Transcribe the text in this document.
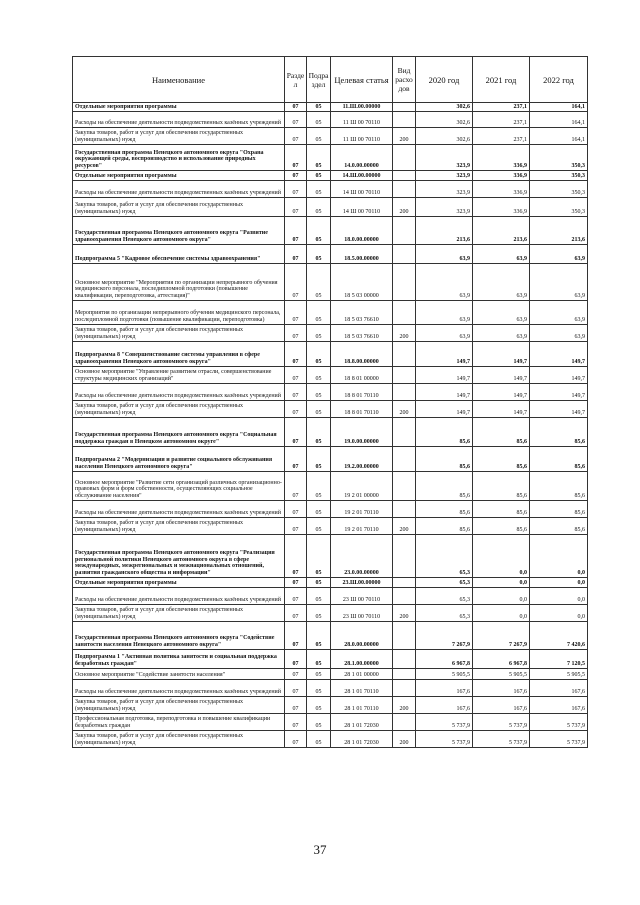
Наименование	Разде л	Подра здел	Целевая статья	Вид расхо дов	2020 год	2021 год	2022 год
Отдельные мероприятия программы	07	05	11.Ш.00.00000		302,6	237,1	164,1
Расходы на обеспечение деятельности подведомственных казённых учреждений	07	05	11 Ш 00 70110		302,6	237,1	164,1
Закупка товаров, работ и услуг для обеспечения государственных (муниципальных) нужд	07	05	11 Ш 00 70110	200	302,6	237,1	164,1
Государственная программа Ненецкого автономного округа "Охрана окружающей среды, воспроизводство и использование природных ресурсов"	07	05	14.0.00.00000		323,9	336,9	350,3
Отдельные мероприятия программы	07	05	14.Ш.00.00000		323,9	336,9	350,3
Расходы на обеспечение деятельности подведомственных казённых учреждений	07	05	14 Ш 00 70110		323,9	336,9	350,3
Закупка товаров, работ и услуг для обеспечения государственных (муниципальных) нужд	07	05	14 Ш 00 70110	200	323,9	336,9	350,3
Государственная программа Ненецкого автономного округа "Развитие здравоохранения Ненецкого автономного округа"	07	05	18.0.00.00000		213,6	213,6	213,6
Подпрограмма 5 "Кадровое обеспечение системы здравоохранения"	07	05	18.5.00.00000		63,9	63,9	63,9
Основное мероприятие "Мероприятия по организации непрерывного обучения медицинского персонала, последипломной подготовки (повышение квалификации, переподготовка, аттестация)"	07	05	18 5 03 00000		63,9	63,9	63,9
Мероприятия по организации непрерывного обучения медицинского персонала, последипломной подготовки (повышение квалификации, переподготовка)	07	05	18 5 03 76610		63,9	63,9	63,9
Закупка товаров, работ и услуг для обеспечения государственных (муниципальных) нужд	07	05	18 5 03 76610	200	63,9	63,9	63,9
Подпрограмма 8 "Совершенствование системы управления в сфере здравоохранения Ненецкого автономного округа"	07	05	18.8.00.00000		149,7	149,7	149,7
Основное мероприятие "Управление развитием отрасли, совершенствование структуры медицинских организаций"	07	05	18 8 01 00000		149,7	149,7	149,7
Расходы на обеспечение деятельности подведомственных казённых учреждений	07	05	18 8 01 70110		149,7	149,7	149,7
Закупка товаров, работ и услуг для обеспечения государственных (муниципальных) нужд	07	05	18 8 01 70110	200	149,7	149,7	149,7
Государственная программа Ненецкого автономного округа "Социальная поддержка граждан в Ненецком автономном округе"	07	05	19.0.00.00000		85,6	85,6	85,6
Подпрограмма 2 "Модернизация и развитие социального обслуживания населения Ненецкого автономного округа"	07	05	19.2.00.00000		85,6	85,6	85,6
Основное мероприятие "Развитие сети организаций различных организационно-правовых форм и форм собственности, осуществляющих социальное обслуживание населения"	07	05	19 2 01 00000		85,6	85,6	85,6
Расходы на обеспечение деятельности подведомственных казённых учреждений	07	05	19 2 01 70110		85,6	85,6	85,6
Закупка товаров, работ и услуг для обеспечения государственных (муниципальных) нужд	07	05	19 2 01 70110	200	85,6	85,6	85,6
Государственная программа Ненецкого автономного округа "Реализация региональной политики Ненецкого автономного округа в сфере международных, межрегиональных и межнациональных отношений, развития гражданского общества и информации"	07	05	23.0.00.00000		65,3	0,0	0,0
Отдельные мероприятия программы	07	05	23.Ш.00.00000		65,3	0,0	0,0
Расходы на обеспечение деятельности подведомственных казённых учреждений	07	05	23 Ш 00 70110		65,3	0,0	0,0
Закупка товаров, работ и услуг для обеспечения государственных (муниципальных) нужд	07	05	23 Ш 00 70110	200	65,3	0,0	0,0
Государственная программа Ненецкого автономного округа "Содействие занятости населения Ненецкого автономного округа"	07	05	28.0.00.00000		7 267,9	7 267,9	7 420,6
Подпрограмма 1 "Активная политика занятости и социальная поддержка безработных граждан"	07	05	28.1.00.00000		6 967,8	6 967,8	7 120,5
Основное мероприятие "Содействие занятости населения"	07	05	28 1 01 00000		5 905,5	5 905,5	5 905,5
Расходы на обеспечение деятельности подведомственных казённых учреждений	07	05	28 1 01 70110		167,6	167,6	167,6
Закупка товаров, работ и услуг для обеспечения государственных (муниципальных) нужд	07	05	28 1 01 70110	200	167,6	167,6	167,6
Профессиональная подготовка, переподготовка и повышение квалификации безработных граждан	07	05	28 1 01 72030		5 737,9	5 737,9	5 737,9
Закупка товаров, работ и услуг для обеспечения государственных (муниципальных) нужд	07	05	28 1 01 72030	200	5 737,9	5 737,9	5 737,9
37
